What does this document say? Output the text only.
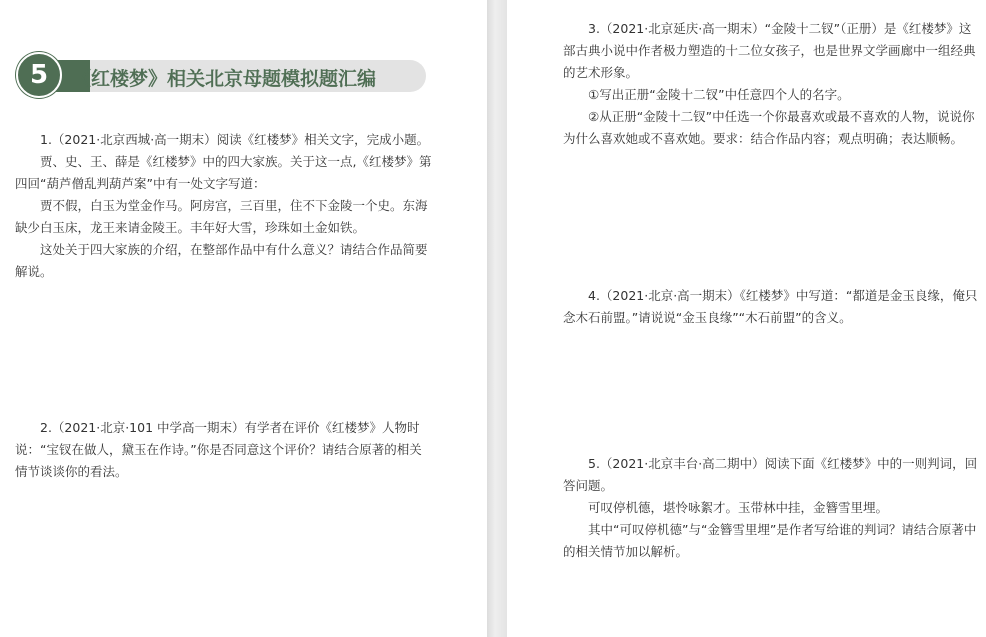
5	《红楼梦》相关北京母题模拟题汇编

1.（2021·北京西城·高一期末）阅读《红楼梦》相关文字，完成小题。

贾、史、王、薛是《红楼梦》中的四大家族。关于这一点,《红楼梦》第四回“葫芦僧乱判葫芦案”中有一处文字写道：

贾不假，白玉为堂金作马。阿房宫，三百里，住不下金陵一个史。东海缺少白玉床，龙王来请金陵王。丰年好大雪，珍珠如土金如铁。

这处关于四大家族的介绍，在整部作品中有什么意义？请结合作品简要解说。

2.（2021·北京·101 中学高一期末）有学者在评价《红楼梦》人物时说：“宝钗在做人，黛玉在作诗。”你是否同意这个评价？请结合原著的相关情节谈谈你的看法。

3.（2021·北京延庆·高一期末）“金陵十二钗”（正册）是《红楼梦》这部古典小说中作者极力塑造的十二位女孩子，也是世界文学画廊中一组经典的艺术形象。

①写出正册“金陵十二钗”中任意四个人的名字。

②从正册“金陵十二钗”中任选一个你最喜欢或最不喜欢的人物，说说你为什么喜欢她或不喜欢她。要求：结合作品内容；观点明确；表达顺畅。

4.（2021·北京·高一期末）《红楼梦》中写道：“都道是金玉良缘，俺只念木石前盟。”请说说“金玉良缘”“木石前盟”的含义。

5.（2021·北京丰台·高二期中）阅读下面《红楼梦》中的一则判词，回答问题。

可叹停机德，堪怜咏絮才。玉带林中挂，金簪雪里埋。

其中“可叹停机德”与“金簪雪里埋”是作者写给谁的判词？请结合原著中的相关情节加以解析。
